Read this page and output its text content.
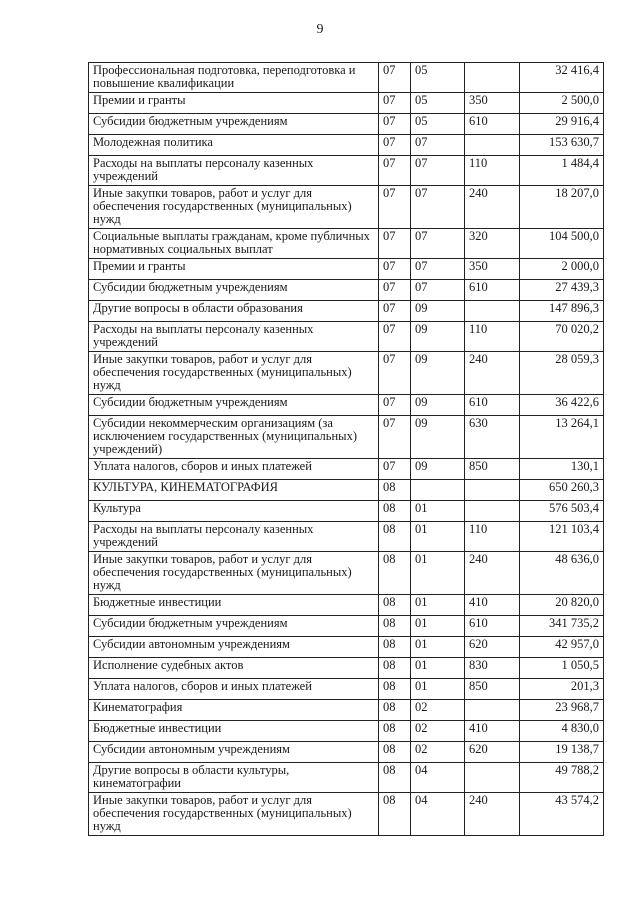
9
Профессиональная подготовка, переподготовка и повышение квалификации	07	05		32 416,4
Премии и гранты	07	05	350	2 500,0
Субсидии бюджетным учреждениям	07	05	610	29 916,4
Молодежная политика	07	07		153 630,7
Расходы на выплаты персоналу казенных учреждений	07	07	110	1 484,4
Иные закупки товаров, работ и услуг для обеспечения государственных (муниципальных) нужд	07	07	240	18 207,0
Социальные выплаты гражданам, кроме публичных нормативных социальных выплат	07	07	320	104 500,0
Премии и гранты	07	07	350	2 000,0
Субсидии бюджетным учреждениям	07	07	610	27 439,3
Другие вопросы в области образования	07	09		147 896,3
Расходы на выплаты персоналу казенных учреждений	07	09	110	70 020,2
Иные закупки товаров, работ и услуг для обеспечения государственных (муниципальных) нужд	07	09	240	28 059,3
Субсидии бюджетным учреждениям	07	09	610	36 422,6
Субсидии некоммерческим организациям (за исключением государственных (муниципальных) учреждений)	07	09	630	13 264,1
Уплата налогов, сборов и иных платежей	07	09	850	130,1
КУЛЬТУРА, КИНЕМАТОГРАФИЯ	08			650 260,3
Культура	08	01		576 503,4
Расходы на выплаты персоналу казенных учреждений	08	01	110	121 103,4
Иные закупки товаров, работ и услуг для обеспечения государственных (муниципальных) нужд	08	01	240	48 636,0
Бюджетные инвестиции	08	01	410	20 820,0
Субсидии бюджетным учреждениям	08	01	610	341 735,2
Субсидии автономным учреждениям	08	01	620	42 957,0
Исполнение судебных актов	08	01	830	1 050,5
Уплата налогов, сборов и иных платежей	08	01	850	201,3
Кинематография	08	02		23 968,7
Бюджетные инвестиции	08	02	410	4 830,0
Субсидии автономным учреждениям	08	02	620	19 138,7
Другие вопросы в области культуры, кинематографии	08	04		49 788,2
Иные закупки товаров, работ и услуг для обеспечения государственных (муниципальных) нужд	08	04	240	43 574,2
